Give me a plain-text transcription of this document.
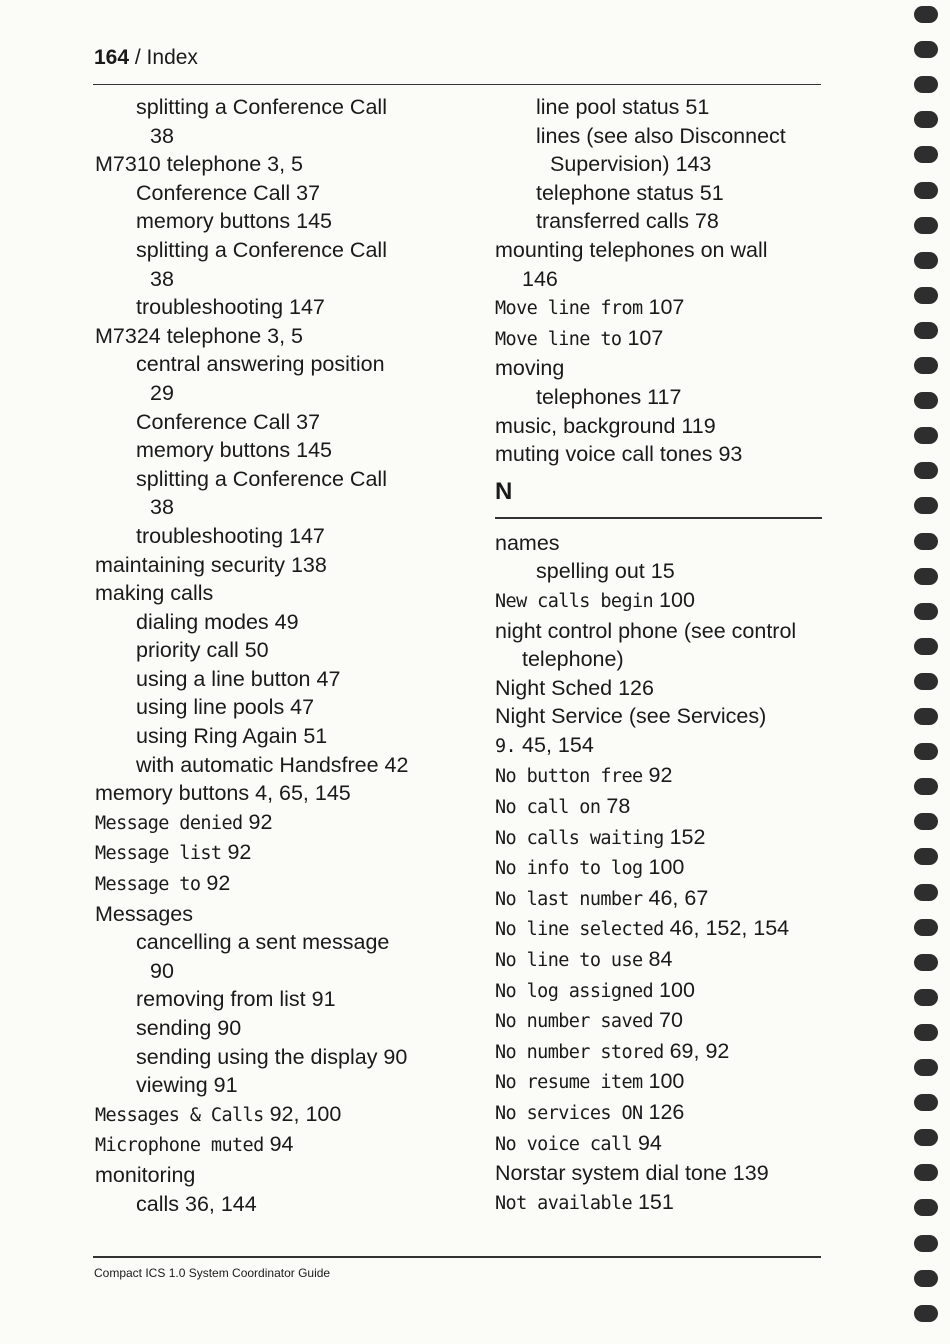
164 / Index
splitting a Conference Call
38
M7310 telephone 3, 5
Conference Call 37
memory buttons 145
splitting a Conference Call
38
troubleshooting 147
M7324 telephone 3, 5
central answering position
29
Conference Call 37
memory buttons 145
splitting a Conference Call
38
troubleshooting 147
maintaining security 138
making calls
dialing modes 49
priority call 50
using a line button 47
using line pools 47
using Ring Again 51
with automatic Handsfree 42
memory buttons 4, 65, 145
Message denied 92
Message list 92
Message to 92
Messages
cancelling a sent message
90
removing from list 91
sending 90
sending using the display 90
viewing 91
Messages & Calls 92, 100
Microphone muted 94
monitoring
calls 36, 144
line pool status 51
lines (see also Disconnect
Supervision) 143
telephone status 51
transferred calls 78
mounting telephones on wall
146
Move line from 107
Move line to 107
moving
telephones 117
music, background 119
muting voice call tones 93
N
names
spelling out 15
New calls begin 100
night control phone (see control
telephone)
Night Sched 126
Night Service (see Services)
9. 45, 154
No button free 92
No call on 78
No calls waiting 152
No info to log 100
No last number 46, 67
No line selected 46, 152, 154
No line to use 84
No log assigned 100
No number saved 70
No number stored 69, 92
No resume item 100
No services ON 126
No voice call 94
Norstar system dial tone 139
Not available 151
Compact ICS 1.0 System Coordinator Guide
